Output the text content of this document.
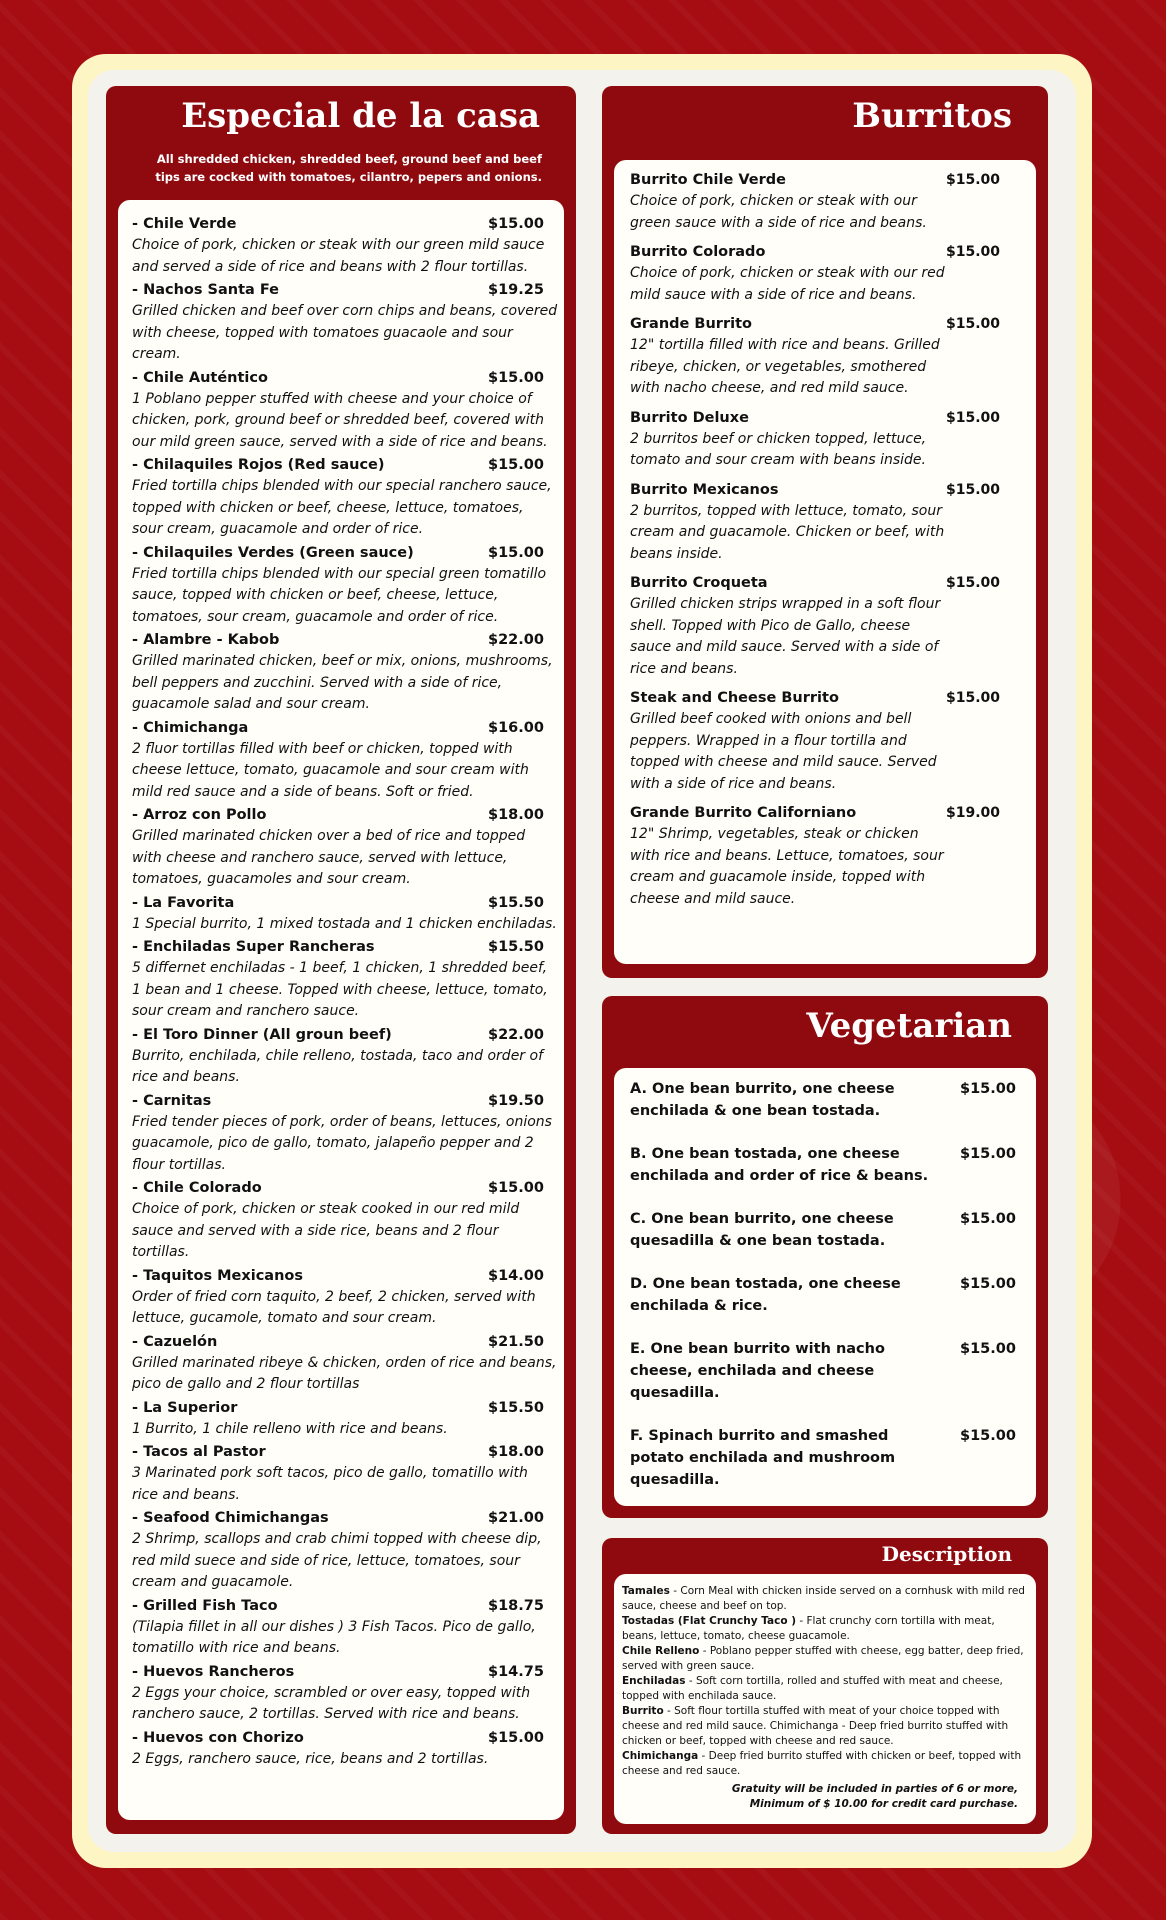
Especial de la casa
All shredded chicken, shredded beef, ground beef and beef
tips are cocked with tomatoes, cilantro, pepers and onions.
- Chile Verde	$15.00
Choice of pork, chicken or steak with our green mild sauce and served a side of rice and beans with 2 flour tortillas.
- Nachos Santa Fe	$19.25
Grilled chicken and beef over corn chips and beans, covered with cheese, topped with tomatoes guacaole and sour cream.
- Chile Auténtico	$15.00
1 Poblano pepper stuffed with cheese and your choice of chicken, pork, ground beef or shredded beef, covered with our mild green sauce, served with a side of rice and beans.
- Chilaquiles Rojos (Red sauce)	$15.00
Fried tortilla chips blended with our special ranchero sauce, topped with chicken or beef, cheese, lettuce, tomatoes, sour cream, guacamole and order of rice.
- Chilaquiles Verdes (Green sauce)	$15.00
Fried tortilla chips blended with our special green tomatillo sauce, topped with chicken or beef, cheese, lettuce, tomatoes, sour cream, guacamole and order of rice.
- Alambre - Kabob	$22.00
Grilled marinated chicken, beef or mix, onions, mushrooms, bell peppers and zucchini. Served with a side of rice, guacamole salad and sour cream.
- Chimichanga	$16.00
2 fluor tortillas filled with beef or chicken, topped with cheese lettuce, tomato, guacamole and sour cream with mild red sauce and a side of beans. Soft or fried.
- Arroz con Pollo	$18.00
Grilled marinated chicken over a bed of rice and topped with cheese and ranchero sauce, served with lettuce, tomatoes, guacamoles and sour cream.
- La Favorita	$15.50
1 Special burrito, 1 mixed tostada and 1 chicken enchiladas.
- Enchiladas Super Rancheras	$15.50
5 differnet enchiladas - 1 beef, 1 chicken, 1 shredded beef, 1 bean and 1 cheese. Topped with cheese, lettuce, tomato, sour cream and ranchero sauce.
- El Toro Dinner (All groun beef)	$22.00
Burrito, enchilada, chile relleno, tostada, taco and order of rice and beans.
- Carnitas	$19.50
Fried tender pieces of pork, order of beans, lettuces, onions guacamole, pico de gallo, tomato, jalapeño pepper and 2 flour tortillas.
- Chile Colorado	$15.00
Choice of pork, chicken or steak cooked in our red mild sauce and served with a side rice, beans and 2 flour tortillas.
- Taquitos Mexicanos	$14.00
Order of fried corn taquito, 2 beef, 2 chicken, served with lettuce, gucamole, tomato and sour cream.
- Cazuelón	$21.50
Grilled marinated ribeye & chicken, orden of rice and beans, pico de gallo and 2 flour tortillas
- La Superior	$15.50
1 Burrito, 1 chile relleno with rice and beans.
- Tacos al Pastor	$18.00
3 Marinated pork soft tacos, pico de gallo, tomatillo with rice and beans.
- Seafood Chimichangas	$21.00
2 Shrimp, scallops and crab chimi topped with cheese dip, red mild suece and side of rice, lettuce, tomatoes, sour cream and guacamole.
- Grilled Fish Taco	$18.75
(Tilapia fillet in all our dishes ) 3 Fish Tacos. Pico de gallo, tomatillo with rice and beans.
- Huevos Rancheros	$14.75
2 Eggs your choice, scrambled or over easy, topped with ranchero sauce, 2 tortillas. Served with rice and beans.
- Huevos con Chorizo	$15.00
2 Eggs, ranchero sauce, rice, beans and 2 tortillas.
Burritos
Burrito Chile Verde	$15.00
Choice of pork, chicken or steak with our green sauce with a side of rice and beans.
Burrito Colorado	$15.00
Choice of pork, chicken or steak with our red mild sauce with a side of rice and beans.
Grande Burrito	$15.00
12" tortilla filled with rice and beans. Grilled ribeye, chicken, or vegetables, smothered with nacho cheese, and red mild sauce.
Burrito Deluxe	$15.00
2 burritos beef or chicken topped, lettuce, tomato and sour cream with beans inside.
Burrito Mexicanos	$15.00
2 burritos, topped with lettuce, tomato, sour cream and guacamole. Chicken or beef, with beans inside.
Burrito Croqueta	$15.00
Grilled chicken strips wrapped in a soft flour shell. Topped with Pico de Gallo, cheese sauce and mild sauce. Served with a side of rice and beans.
Steak and Cheese Burrito	$15.00
Grilled beef cooked with onions and bell peppers. Wrapped in a flour tortilla and topped with cheese and mild sauce. Served with a side of rice and beans.
Grande Burrito Californiano	$19.00
12" Shrimp, vegetables, steak or chicken with rice and beans. Lettuce, tomatoes, sour cream and guacamole inside, topped with cheese and mild sauce.
Vegetarian
A. One bean burrito, one cheese enchilada & one bean tostada.
$15.00
B. One bean tostada, one cheese enchilada and order of rice & beans.
$15.00
C. One bean burrito, one cheese quesadilla & one bean tostada.
$15.00
D. One bean tostada, one cheese enchilada & rice.
$15.00
E. One bean burrito with nacho cheese, enchilada and cheese quesadilla.
$15.00
F. Spinach burrito and smashed potato enchilada and mushroom quesadilla.
$15.00
Description
Tamales - Corn Meal with chicken inside served on a cornhusk with mild red sauce, cheese and beef on top.
Tostadas (Flat Crunchy Taco ) - Flat crunchy corn tortilla with meat, beans, lettuce, tomato, cheese guacamole.
Chile Relleno - Poblano pepper stuffed with cheese, egg batter, deep fried, served with green sauce.
Enchiladas - Soft corn tortilla, rolled and stuffed with meat and cheese, topped with enchilada sauce.
Burrito - Soft flour tortilla stuffed with meat of your choice topped with cheese and red mild sauce. Chimichanga - Deep fried burrito stuffed with chicken or beef, topped with cheese and red sauce.
Chimichanga - Deep fried burrito stuffed with chicken or beef, topped with cheese and red sauce.
Gratuity will be included in parties of 6 or more,
Minimum of $ 10.00 for credit card purchase.
